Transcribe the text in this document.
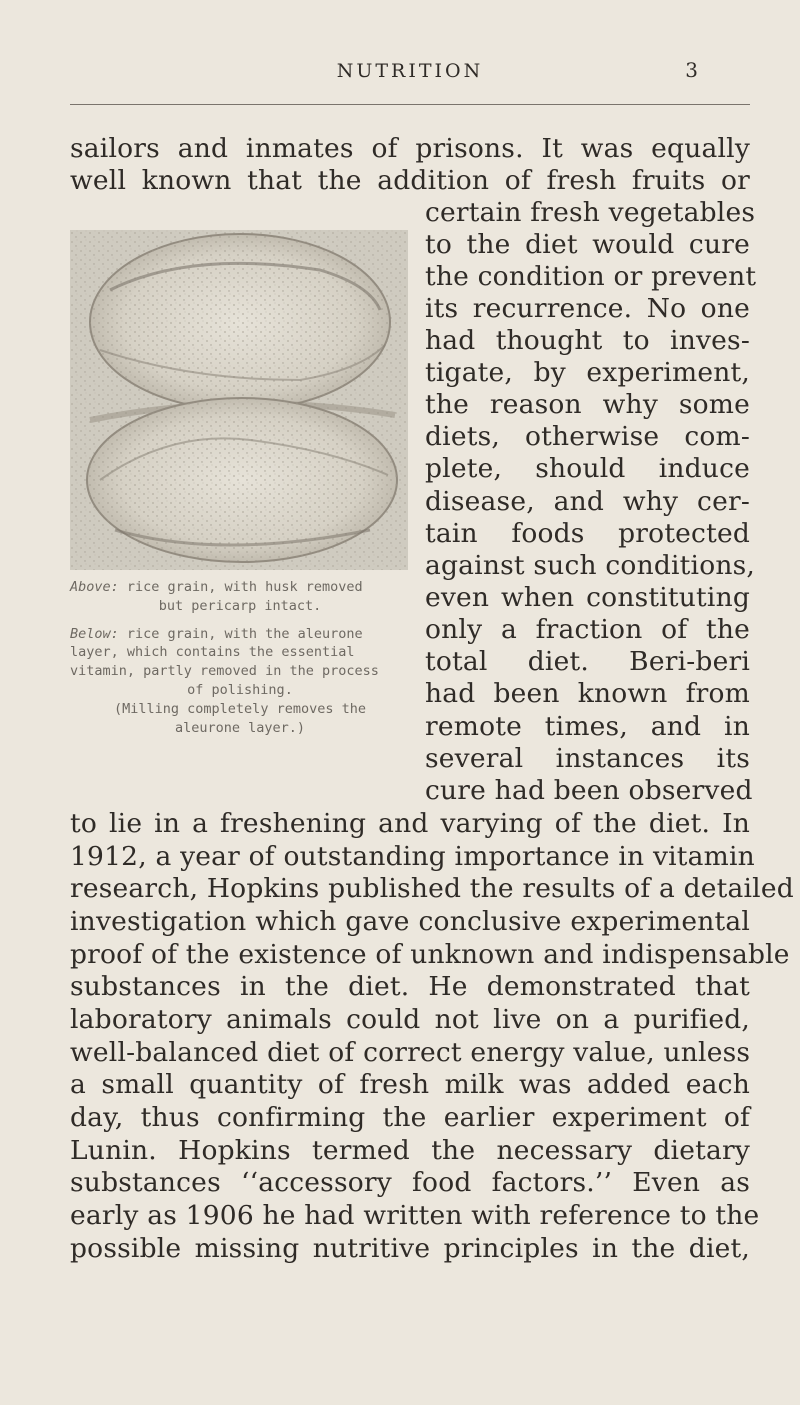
NUTRITION	3
sailors and inmates of prisons. It was equally
well known that the addition of fresh fruits or
certain fresh vegetables
to the diet would cure
the condition or prevent
its recurrence. No one
had thought to inves-
tigate, by experiment,
the reason why some
diets, otherwise com-
plete, should induce
disease, and why cer-
tain foods protected
against such conditions,
even when constituting
only a fraction of the
total diet. Beri-beri
had been known from
remote times, and in
several instances its
cure had been observed
to lie in a freshening and varying of the diet. In
1912, a year of outstanding importance in vitamin
research, Hopkins published the results of a detailed
investigation which gave conclusive experimental
proof of the existence of unknown and indispensable
substances in the diet. He demonstrated that
laboratory animals could not live on a purified,
well-balanced diet of correct energy value, unless
a small quantity of fresh milk was added each
day, thus confirming the earlier experiment of
Lunin. Hopkins termed the necessary dietary
substances ‘‘accessory food factors.’’ Even as
early as 1906 he had written with reference to the
possible missing nutritive principles in the diet,

Above: rice grain, with husk removed
but pericarp intact.

Below: rice grain, with the aleurone
layer, which contains the essential
vitamin, partly removed in the process
of polishing.
(Milling completely removes the
aleurone layer.)
